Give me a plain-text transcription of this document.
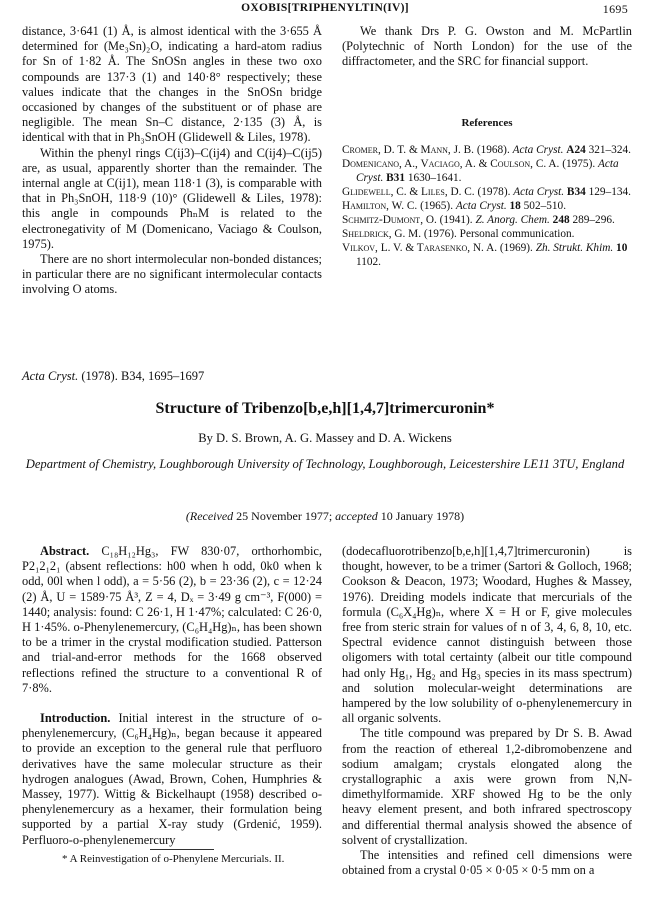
OXOBIS[TRIPHENYLTIN(IV)]	1695

distance, 3·641 (1) Å, is almost identical with the 3·655 Å determined for (Me₃Sn)₂O, indicating a hard-atom radius for Sn of 1·82 Å. The SnOSn angles in these two oxo compounds are 137·3 (1) and 140·8° respectively; these values indicate that the changes in the SnOSn bridge occasioned by changes of the substituent or of phase are negligible. The mean Sn–C distance, 2·135 (3) Å, is identical with that in Ph₃SnOH (Glidewell & Liles, 1978).

Within the phenyl rings C(ij3)–C(ij4) and C(ij4)–C(ij5) are, as usual, apparently shorter than the remainder. The internal angle at C(ij1), mean 118·1 (3), is comparable with that in Ph₃SnOH, 118·9 (10)° (Glidewell & Liles, 1978): this angle in compounds PhₙM is related to the electronegativity of M (Domenicano, Vaciago & Coulson, 1975).

There are no short intermolecular non-bonded distances; in particular there are no significant intermolecular contacts involving O atoms.

We thank Drs P. G. Owston and M. McPartlin (Polytechnic of North London) for the use of the diffractometer, and the SRC for financial support.

References
Cromer, D. T. & Mann, J. B. (1968). Acta Cryst. A24 321–324.
Domenicano, A., Vaciago, A. & Coulson, C. A. (1975). Acta Cryst. B31 1630–1641.
Glidewell, C. & Liles, D. C. (1978). Acta Cryst. B34 129–134.
Hamilton, W. C. (1965). Acta Cryst. 18 502–510.
Schmitz-Dumont, O. (1941). Z. Anorg. Chem. 248 289–296.
Sheldrick, G. M. (1976). Personal communication.
Vilkov, L. V. & Tarasenko, N. A. (1969). Zh. Strukt. Khim. 10 1102.
Acta Cryst. (1978). B34, 1695–1697
Structure of Tribenzo[b,e,h][1,4,7]trimercuronin*
By D. S. Brown, A. G. Massey and D. A. Wickens
Department of Chemistry, Loughborough University of Technology, Loughborough, Leicestershire LE11 3TU, England
(Received 25 November 1977; accepted 10 January 1978)

Abstract. C₁₈H₁₂Hg₃, FW 830·07, orthorhombic, P2₁2₁2₁ (absent reflections: h00 when h odd, 0k0 when k odd, 00l when l odd), a = 5·56 (2), b = 23·36 (2), c = 12·24 (2) Å, U = 1589·75 Å³, Z = 4, Dₓ = 3·49 g cm⁻³, F(000) = 1440; analysis: found: C 26·1, H 1·47%; calculated: C 26·0, H 1·45%. o-Phenylenemercury, (C₆H₄Hg)ₙ, has been shown to be a trimer in the crystal modification studied. Patterson and trial-and-error methods for the 1668 observed reflections refined the structure to a conventional R of 7·8%.

Introduction. Initial interest in the structure of o-phenylenemercury, (C₆H₄Hg)ₙ, began because it appeared to provide an exception to the general rule that perfluoro derivatives have the same molecular structure as their hydrogen analogues (Awad, Brown, Cohen, Humphries & Massey, 1977). Wittig & Bickelhaupt (1958) described o-phenylenemercury as a hexamer, their formulation being supported by a partial X-ray study (Grdenić, 1959). Perfluoro-o-phenylenemercury

(dodecafluorotribenzo[b,e,h][1,4,7]trimercuronin) is thought, however, to be a trimer (Sartori & Golloch, 1968; Cookson & Deacon, 1973; Woodard, Hughes & Massey, 1976). Dreiding models indicate that mercurials of the formula (C₆X₄Hg)ₙ, where X = H or F, give molecules free from steric strain for values of n of 3, 4, 6, 8, 10, etc. Spectral evidence cannot distinguish between those oligomers with total certainty (albeit our title compound had only Hg₁, Hg₂ and Hg₃ species in its mass spectrum) and solution molecular-weight determinations are hampered by the low solubility of o-phenylenemercury in all organic solvents.

The title compound was prepared by Dr S. B. Awad from the reaction of ethereal 1,2-dibromobenzene and sodium amalgam; crystals elongated along the crystallographic a axis were grown from N,N-dimethylformamide. XRF showed Hg to be the only heavy element present, and both infrared spectroscopy and differential thermal analysis showed the absence of solvent of crystallization.

The intensities and refined cell dimensions were obtained from a crystal 0·05 × 0·05 × 0·5 mm on a

* A Reinvestigation of o-Phenylene Mercurials. II.
